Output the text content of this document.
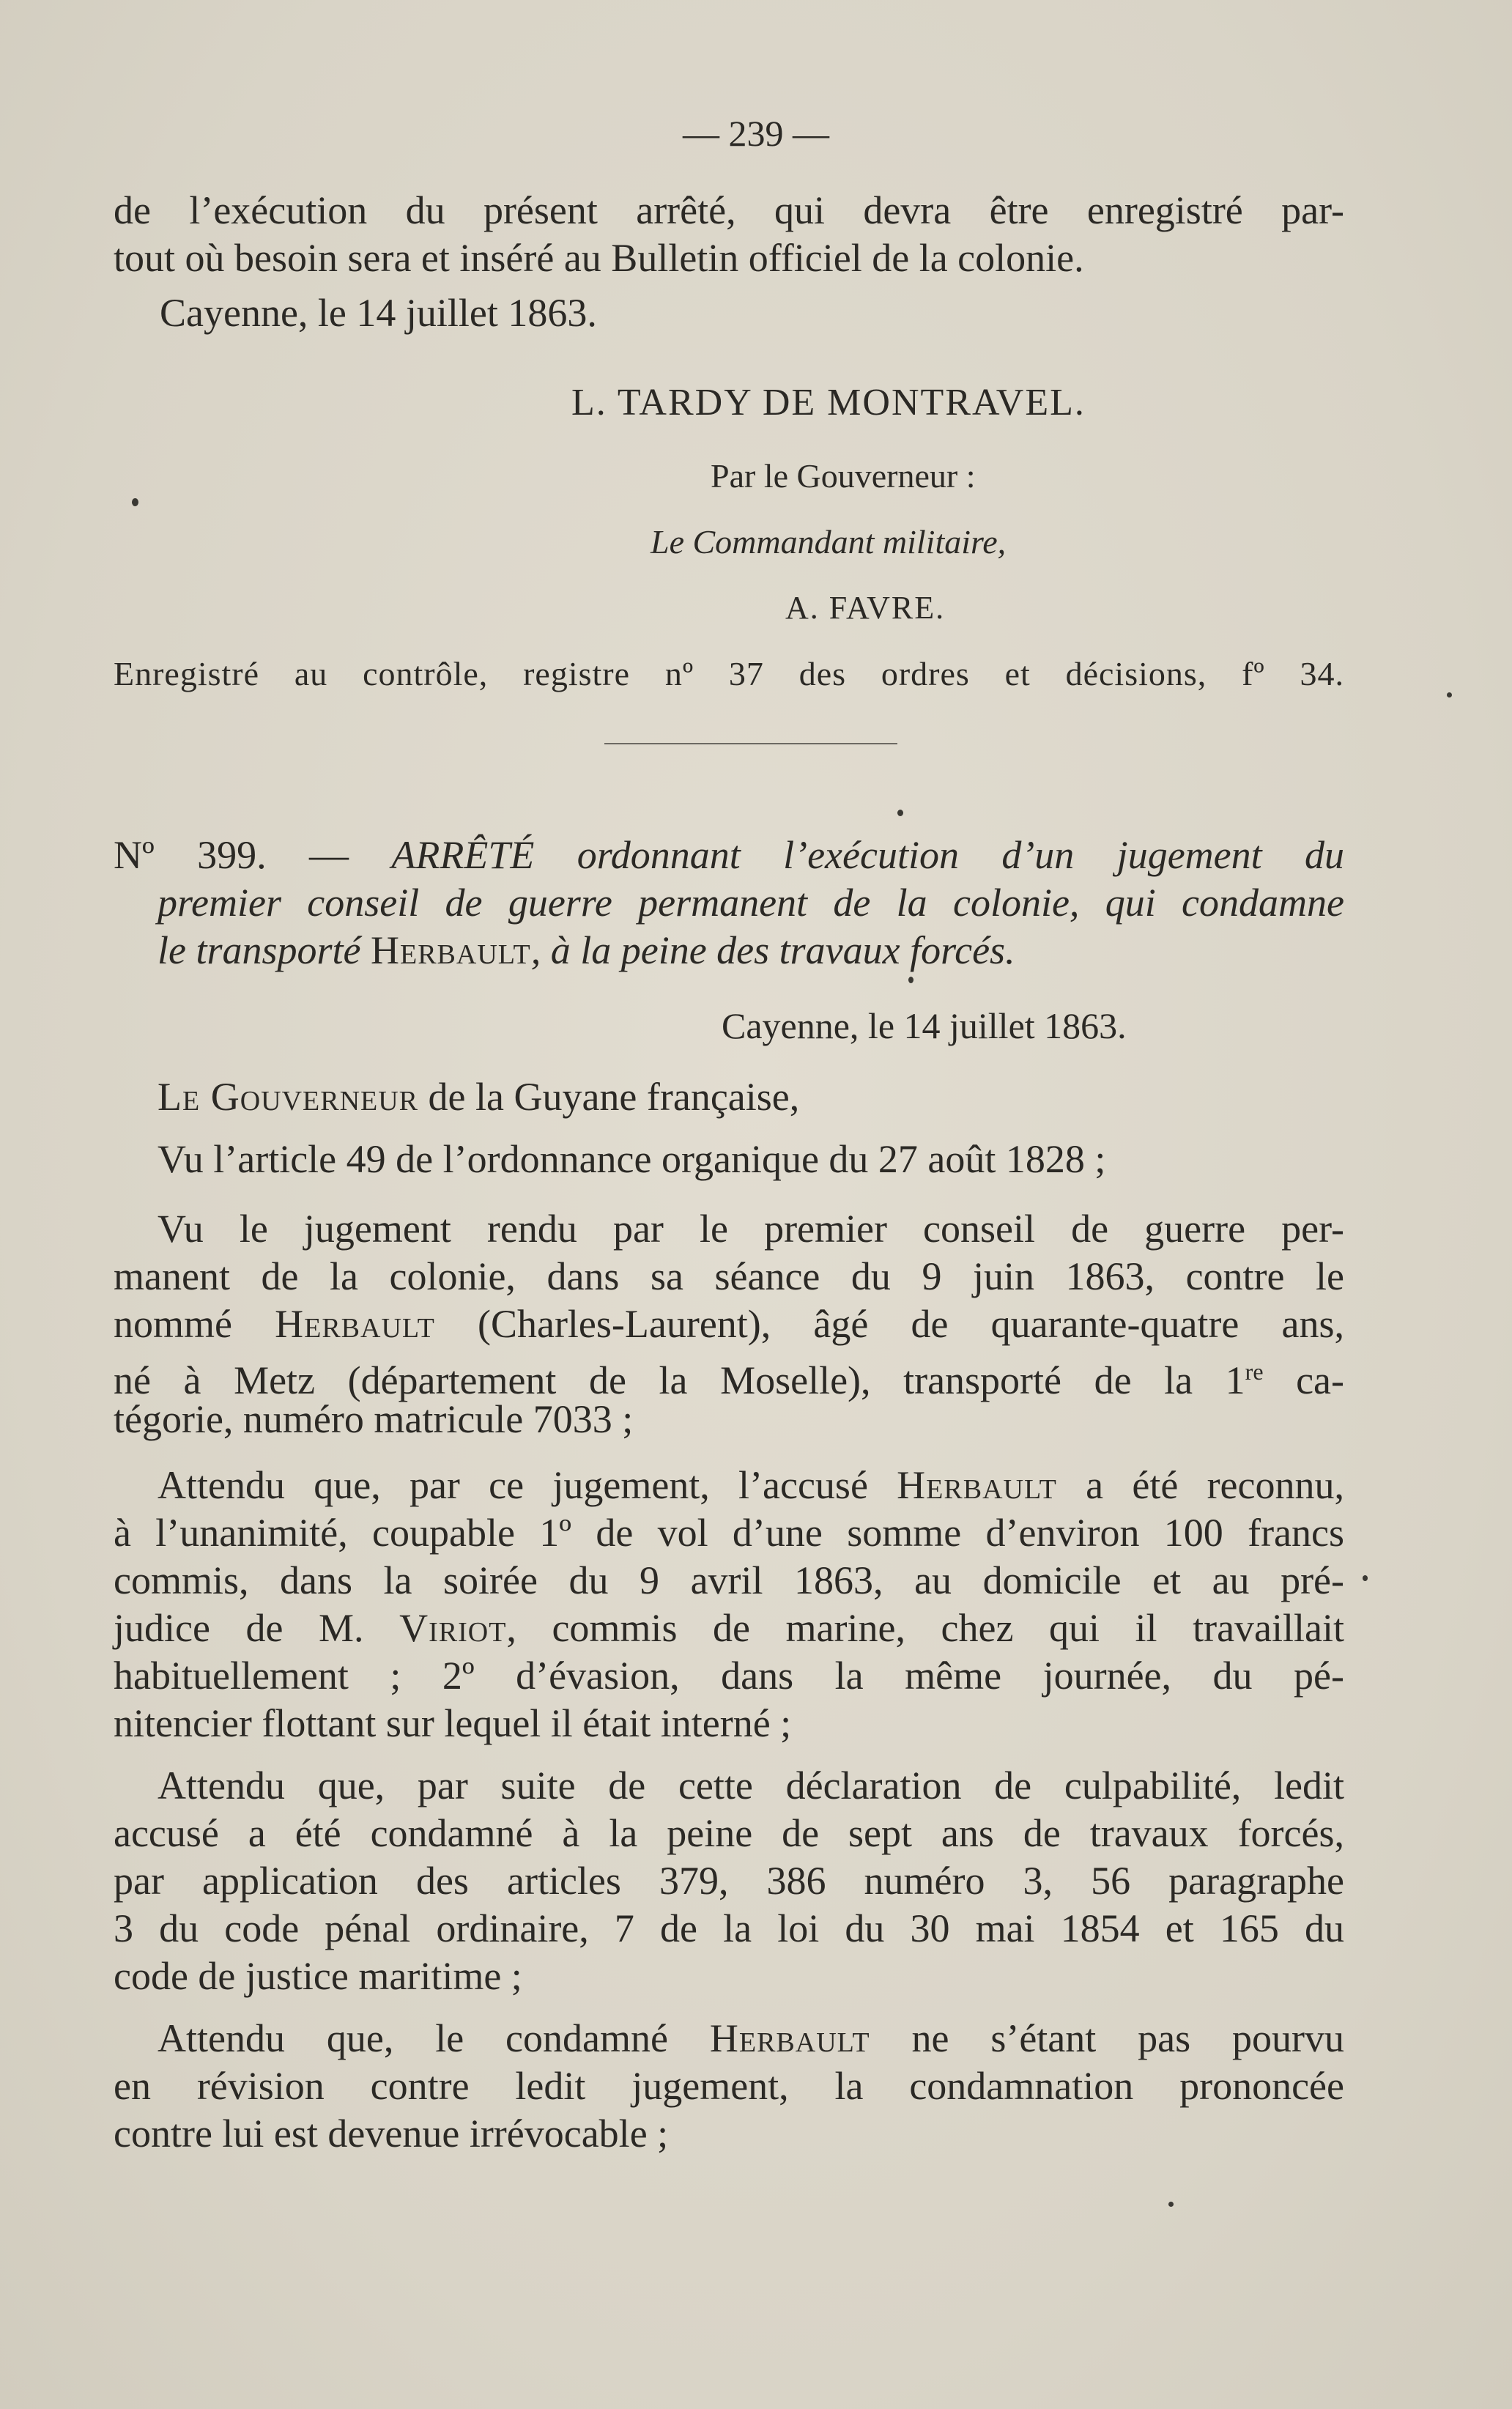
— 239 —
de l’exécution du présent arrêté, qui devra être enregistré par-
tout où besoin sera et inséré au Bulletin officiel de la colonie.
Cayenne, le 14 juillet 1863.
L. TARDY DE MONTRAVEL.
Par le Gouverneur :
Le Commandant militaire,
A. FAVRE.
Enregistré au contrôle, registre nº 37 des ordres et décisions, fº 34.
Nº 399. — ARRÊTÉ ordonnant l’exécution d’un jugement du
premier conseil de guerre permanent de la colonie, qui condamne
le transporté Herbault, à la peine des travaux forcés.
Cayenne, le 14 juillet 1863.
Le Gouverneur de la Guyane française,
Vu l’article 49 de l’ordonnance organique du 27 août 1828 ;
Vu le jugement rendu par le premier conseil de guerre per-
manent de la colonie, dans sa séance du 9 juin 1863, contre le
nommé Herbault (Charles-Laurent), âgé de quarante-quatre ans,
né à Metz (département de la Moselle), transporté de la 1re ca-
tégorie, numéro matricule 7033 ;
Attendu que, par ce jugement, l’accusé Herbault a été reconnu,
à l’unanimité, coupable 1º de vol d’une somme d’environ 100 francs
commis, dans la soirée du 9 avril 1863, au domicile et au pré-
judice de M. Viriot, commis de marine, chez qui il travaillait
habituellement ; 2º d’évasion, dans la même journée, du pé-
nitencier flottant sur lequel il était interné ;
Attendu que, par suite de cette déclaration de culpabilité, ledit
accusé a été condamné à la peine de sept ans de travaux forcés,
par application des articles 379, 386 numéro 3, 56 paragraphe
3 du code pénal ordinaire, 7 de la loi du 30 mai 1854 et 165 du
code de justice maritime ;
Attendu que, le condamné Herbault ne s’étant pas pourvu
en révision contre ledit jugement, la condamnation prononcée
contre lui est devenue irrévocable ;
